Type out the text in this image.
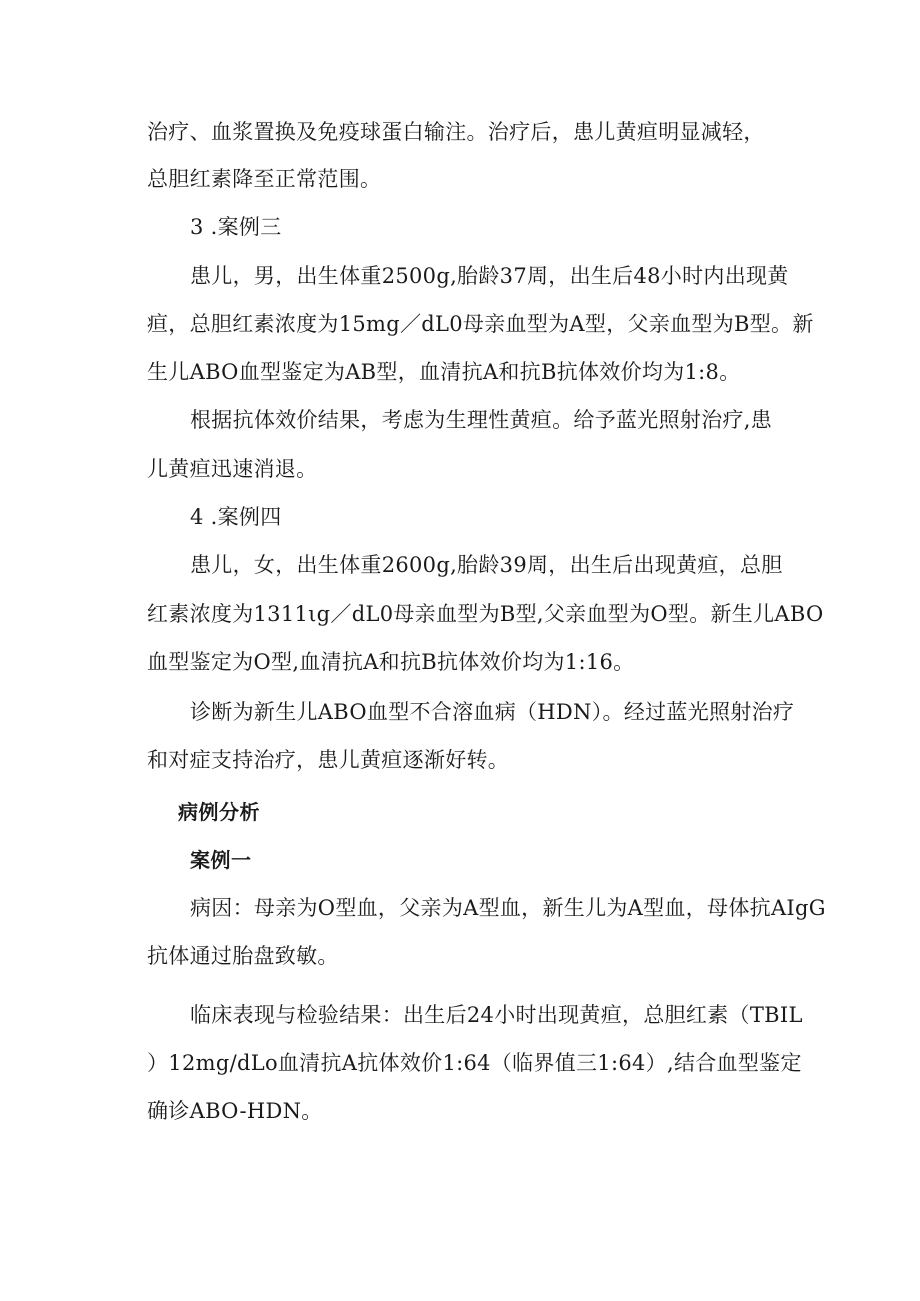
治疗、血浆置换及免疫球蛋白输注。治疗后，患儿黄疸明显减轻，
总胆红素降至正常范围。
3 .案例三
患儿，男，出生体重2500g,胎龄37周，出生后48小时内出现黄
疸，总胆红素浓度为15mg／dL0母亲血型为A型，父亲血型为B型。新
生儿ABO血型鉴定为AB型，血清抗A和抗B抗体效价均为1:8。
根据抗体效价结果，考虑为生理性黄疸。给予蓝光照射治疗,患
儿黄疸迅速消退。
4 .案例四
患儿，女，出生体重2600g,胎龄39周，出生后出现黄疸，总胆
红素浓度为1311ιg／dL0母亲血型为B型,父亲血型为O型。新生儿ABO
血型鉴定为O型,血清抗A和抗B抗体效价均为1:16。
诊断为新生儿ABO血型不合溶血病（HDN）。经过蓝光照射治疗
和对症支持治疗，患儿黄疸逐渐好转。
病例分析
案例一
病因：母亲为O型血，父亲为A型血，新生儿为A型血，母体抗AIgG
抗体通过胎盘致敏。
临床表现与检验结果：出生后24小时出现黄疸，总胆红素（TBIL
）12mg/dLo血清抗A抗体效价1:64（临界值三1:64）,结合血型鉴定
确诊ABO-HDN。
